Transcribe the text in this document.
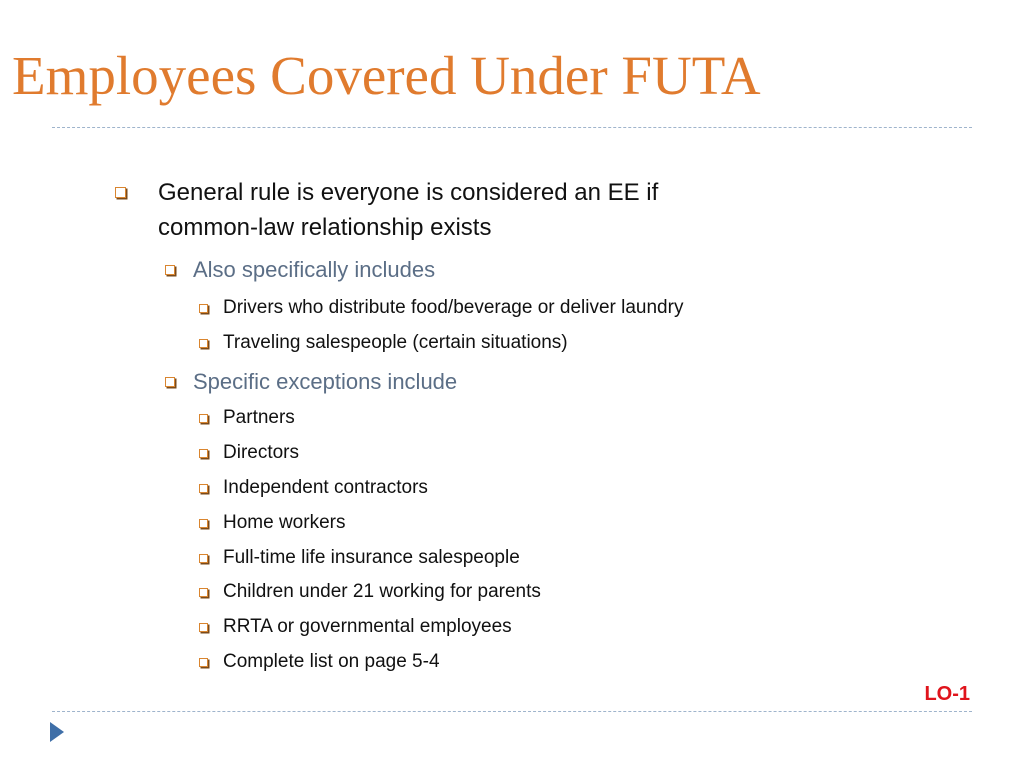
Employees Covered Under FUTA
General rule is everyone is considered an EE if
common-law relationship exists
Also specifically includes
Drivers who distribute food/beverage or deliver laundry
Traveling salespeople (certain situations)
Specific exceptions include
Partners
Directors
Independent contractors
Home workers
Full-time life insurance salespeople
Children under 21 working for parents
RRTA or governmental employees
Complete list on page 5-4
LO-1
